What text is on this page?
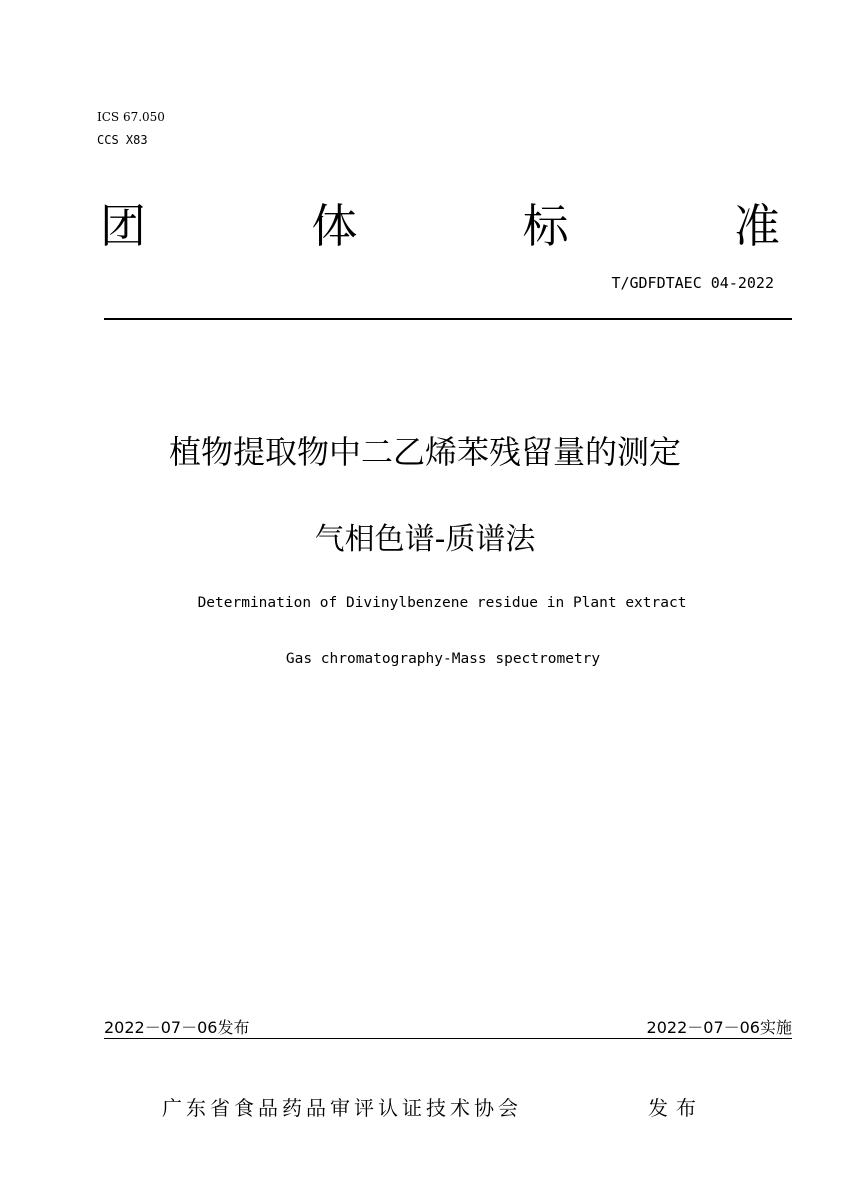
ICS 67.050
CCS X83
团	体	标	准
T/GDFDTAEC 04-2022
植物提取物中二乙烯苯残留量的测定
气相色谱-质谱法
Determination of Divinylbenzene residue in Plant extract
Gas chromatography-Mass spectrometry
2022－07－06发布	2022－07－06实施
广东省食品药品审评认证技术协会	发布
